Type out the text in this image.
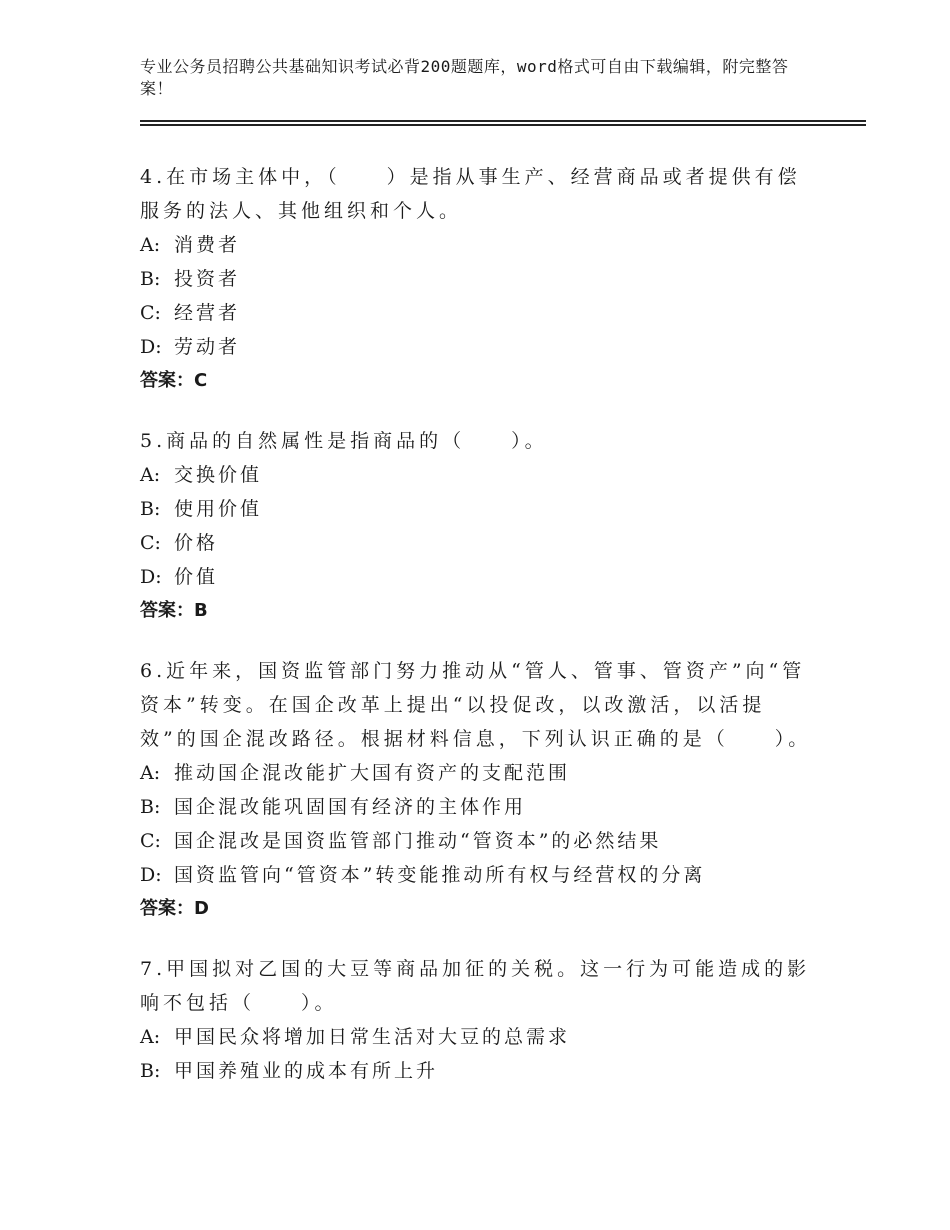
专业公务员招聘公共基础知识考试必背200题题库，word格式可自由下载编辑，附完整答案！
4.在市场主体中，（　　）是指从事生产、经营商品或者提供有偿服务的法人、其他组织和个人。
A: 消费者
B: 投资者
C: 经营者
D: 劳动者
答案：C
5.商品的自然属性是指商品的（　　）。
A: 交换价值
B: 使用价值
C: 价格
D: 价值
答案：B
6.近年来，国资监管部门努力推动从“管人、管事、管资产”向“管资本”转变。在国企改革上提出“以投促改，以改激活，以活提效”的国企混改路径。根据材料信息，下列认识正确的是（　　）。
A: 推动国企混改能扩大国有资产的支配范围
B: 国企混改能巩固国有经济的主体作用
C: 国企混改是国资监管部门推动“管资本”的必然结果
D: 国资监管向“管资本”转变能推动所有权与经营权的分离
答案：D
7.甲国拟对乙国的大豆等商品加征的关税。这一行为可能造成的影响不包括（　　）。
A: 甲国民众将增加日常生活对大豆的总需求
B: 甲国养殖业的成本有所上升
